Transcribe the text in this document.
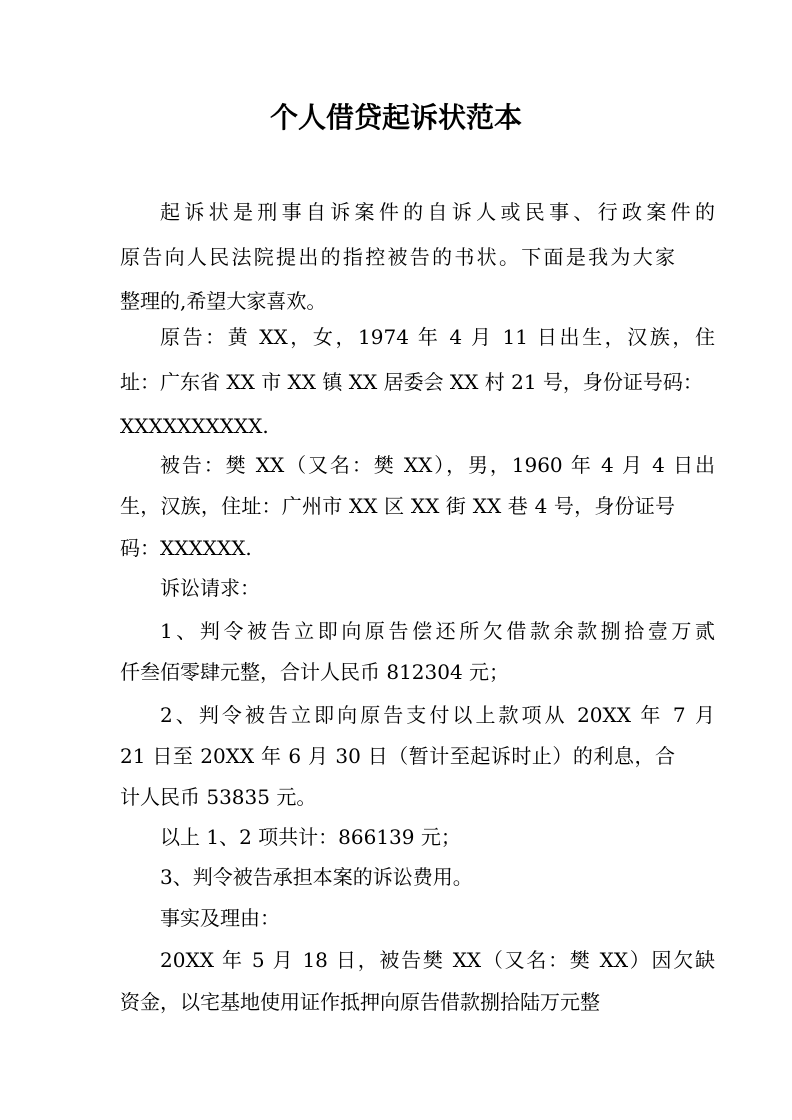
个人借贷起诉状范本
起诉状是刑事自诉案件的自诉人或民事、行政案件的
原告向人民法院提出的指控被告的书状。下面是我为大家
整理的,希望大家喜欢。
原告：黄 XX，女，1974 年 4 月 11 日出生，汉族，住
址：广东省 XX 市 XX 镇 XX 居委会 XX 村 21 号，身份证号码：
XXXXXXXXXX.
被告：樊 XX（又名：樊 XX），男，1960 年 4 月 4 日出
生，汉族，住址：广州市 XX 区 XX 街 XX 巷 4 号，身份证号
码：XXXXXX.
诉讼请求：
1、判令被告立即向原告偿还所欠借款余款捌拾壹万贰
仟叁佰零肆元整，合计人民币 812304 元；
2、判令被告立即向原告支付以上款项从 20XX 年 7 月
21 日至 20XX 年 6 月 30 日（暂计至起诉时止）的利息，合
计人民币 53835 元。
以上 1、2 项共计：866139 元；
3、判令被告承担本案的诉讼费用。
事实及理由：
20XX 年 5 月 18 日，被告樊 XX（又名：樊 XX）因欠缺
资金，以宅基地使用证作抵押向原告借款捌拾陆万元整
